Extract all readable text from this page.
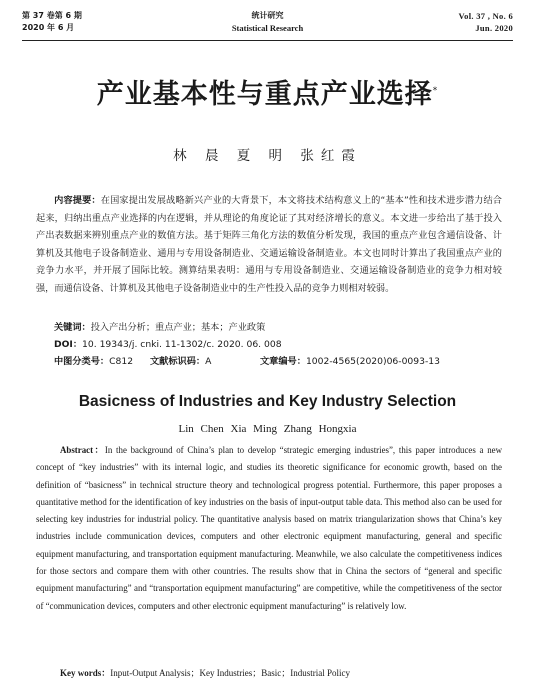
第 37 卷第 6 期
2020 年 6 月
统计研究
Statistical Research
Vol. 37 , No. 6
Jun. 2020
产业基本性与重点产业选择*
林 晨 夏 明 张红霞
内容提要：在国家提出发展战略新兴产业的大背景下，本文将技术结构意义上的“基本”性和技术进步潜力结合起来，归纳出重点产业选择的内在逻辑，并从理论的角度论证了其对经济增长的意义。本文进一步给出了基于投入产出表数据来辨别重点产业的数值方法。基于矩阵三角化方法的数值分析发现，我国的重点产业包含通信设备、计算机及其他电子设备制造业、通用与专用设备制造业、交通运输设备制造业。本文也同时计算出了我国重点产业的竞争力水平，并开展了国际比较。测算结果表明：通用与专用设备制造业、交通运输设备制造业的竞争力相对较强，而通信设备、计算机及其他电子设备制造业中的生产性投入品的竞争力则相对较弱。
关键词：投入产出分析；重点产业；基本；产业政策
DOI：10. 19343/j. cnki. 11-1302/c. 2020. 06. 008
中图分类号：C812 文献标识码：A	文章编号：1002-4565(2020)06-0093-13
Basicness of Industries and Key Industry Selection
Lin Chen Xia Ming Zhang Hongxia
Abstract：In the background of China’s plan to develop “strategic emerging industries”, this paper introduces a new concept of “key industries” with its internal logic, and studies its theoretic significance for economic growth, based on the definition of “basicness” in technical structure theory and technological progress potential. Furthermore, this paper proposes a quantitative method for the identification of key industries on the basis of input-output table data. This method also can be used for selecting key industries for industrial policy. The quantitative analysis based on matrix triangularization shows that China’s key industries include communication devices, computers and other electronic equipment manufacturing, general and specific equipment manufacturing, and transportation equipment manufacturing. Meanwhile, we also calculate the competitiveness indices for those sectors and compare them with other countries. The results show that in China the sectors of “general and specific equipment manufacturing” and “transportation equipment manufacturing” are competitive, while the competitiveness of the sector of “communication devices, computers and other electronic equipment manufacturing” is relatively low.
Key words：Input-Output Analysis；Key Industries；Basic；Industrial Policy
